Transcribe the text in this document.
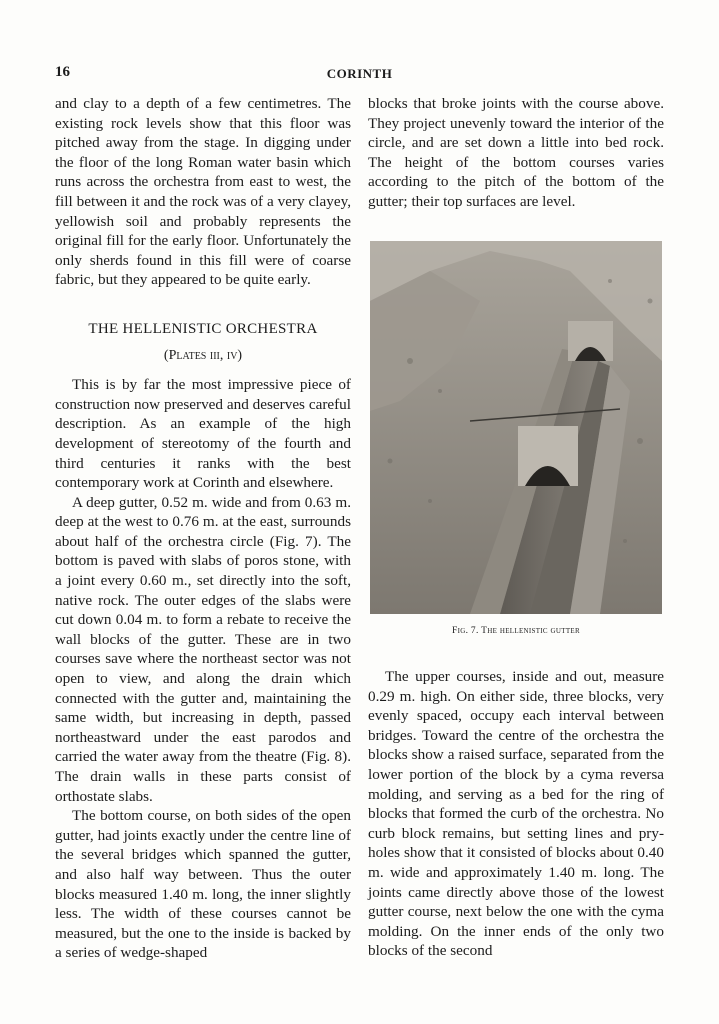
16	CORINTH

and clay to a depth of a few centimetres. The existing rock levels show that this floor was pitched away from the stage. In digging under the floor of the long Roman water basin which runs across the orchestra from east to west, the fill between it and the rock was of a very clayey, yellowish soil and probably represents the original fill for the early floor. Unfortunately the only sherds found in this fill were of coarse fabric, but they appeared to be quite early.

THE HELLENISTIC ORCHESTRA
(Plates iii, iv)

This is by far the most impressive piece of construction now preserved and deserves careful description. As an example of the high development of stereotomy of the fourth and third centuries it ranks with the best contemporary work at Corinth and elsewhere.

A deep gutter, 0.52 m. wide and from 0.63 m. deep at the west to 0.76 m. at the east, surrounds about half of the orchestra circle (Fig. 7). The bottom is paved with slabs of poros stone, with a joint every 0.60 m., set directly into the soft, native rock. The outer edges of the slabs were cut down 0.04 m. to form a rebate to receive the wall blocks of the gutter. These are in two courses save where the northeast sector was not open to view, and along the drain which connected with the gutter and, maintaining the same width, but increasing in depth, passed northeastward under the east parodos and carried the water away from the theatre (Fig. 8). The drain walls in these parts consist of orthostate slabs.

The bottom course, on both sides of the open gutter, had joints exactly under the centre line of the several bridges which spanned the gutter, and also half way between. Thus the outer blocks measured 1.40 m. long, the inner slightly less. The width of these courses cannot be measured, but the one to the inside is backed by a series of wedge-shaped

blocks that broke joints with the course above. They project unevenly toward the interior of the circle, and are set down a little into bed rock. The height of the bottom courses varies according to the pitch of the bottom of the gutter; their top surfaces are level.

Fig. 7. The hellenistic gutter

The upper courses, inside and out, measure 0.29 m. high. On either side, three blocks, very evenly spaced, occupy each interval between bridges. Toward the centre of the orchestra the blocks show a raised surface, separated from the lower portion of the block by a cyma reversa molding, and serving as a bed for the ring of blocks that formed the curb of the orchestra. No curb block remains, but setting lines and pry-holes show that it consisted of blocks about 0.40 m. wide and approximately 1.40 m. long. The joints came directly above those of the lowest gutter course, next below the one with the cyma molding. On the inner ends of the only two blocks of the second
